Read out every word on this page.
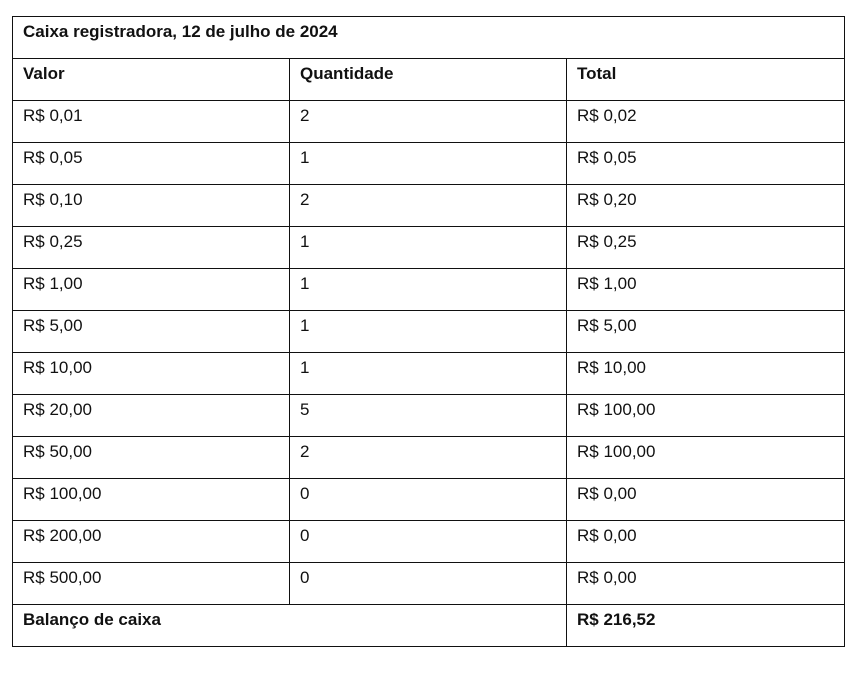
Caixa registradora, 12 de julho de 2024		
Valor	Quantidade	Total
R$ 0,01	2	R$ 0,02
R$ 0,05	1	R$ 0,05
R$ 0,10	2	R$ 0,20
R$ 0,25	1	R$ 0,25
R$ 1,00	1	R$ 1,00
R$ 5,00	1	R$ 5,00
R$ 10,00	1	R$ 10,00
R$ 20,00	5	R$ 100,00
R$ 50,00	2	R$ 100,00
R$ 100,00	0	R$ 0,00
R$ 200,00	0	R$ 0,00
R$ 500,00	0	R$ 0,00
Balanço de caixa		R$ 216,52
